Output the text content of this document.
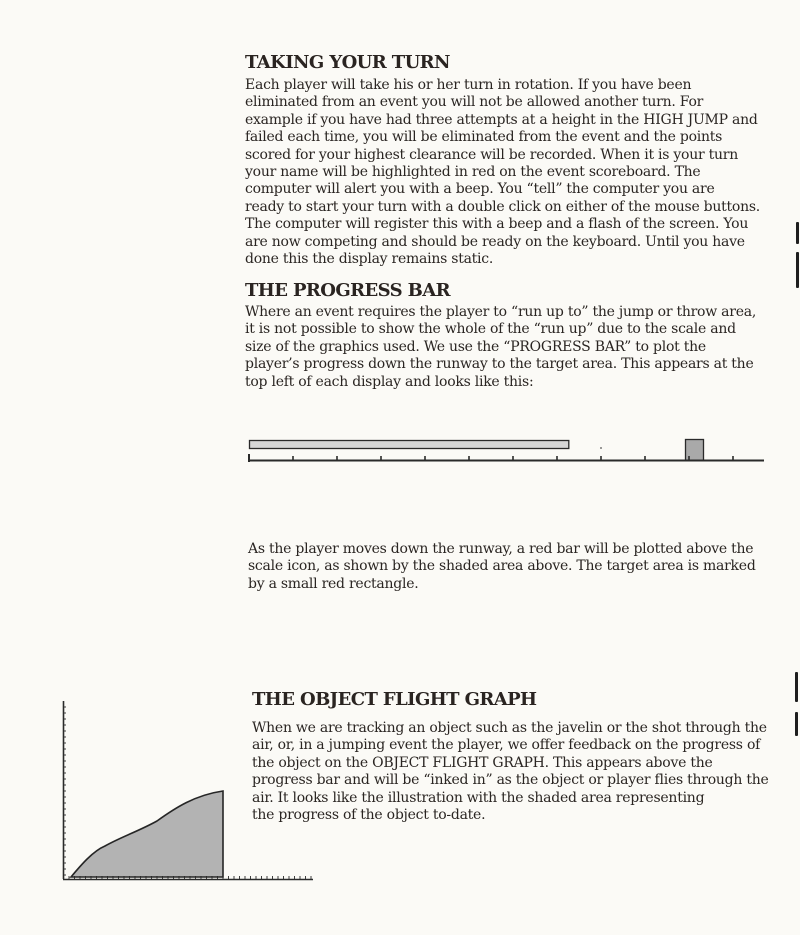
TAKING YOUR TURN

Each player will take his or her turn in rotation. If you have been

eliminated from an event you will not be allowed another turn. For

example if you have had three attempts at a height in the HIGH JUMP and

failed each time, you will be eliminated from the event and the points

scored for your highest clearance will be recorded. When it is your turn

your name will be highlighted in red on the event scoreboard. The

computer will alert you with a beep. You “tell” the computer you are

ready to start your turn with a double click on either of the mouse buttons.

The computer will register this with a beep and a flash of the screen. You

are now competing and should be ready on the keyboard. Until you have

done this the display remains static.

THE PROGRESS BAR

Where an event requires the player to “run up to” the jump or throw area,

it is not possible to show the whole of the “run up” due to the scale and

size of the graphics used. We use the “PROGRESS BAR” to plot the

player’s progress down the runway to the target area. This appears at the

top left of each display and looks like this:

As the player moves down the runway, a red bar will be plotted above the

scale icon, as shown by the shaded area above. The target area is marked

by a small red rectangle.

THE OBJECT FLIGHT GRAPH

When we are tracking an object such as the javelin or the shot through the

air, or, in a jumping event the player, we offer feedback on the progress of

the object on the OBJECT FLIGHT GRAPH. This appears above the

progress bar and will be “inked in” as the object or player flies through the

air. It looks like the illustration with the shaded area representing

the progress of the object to-date.
